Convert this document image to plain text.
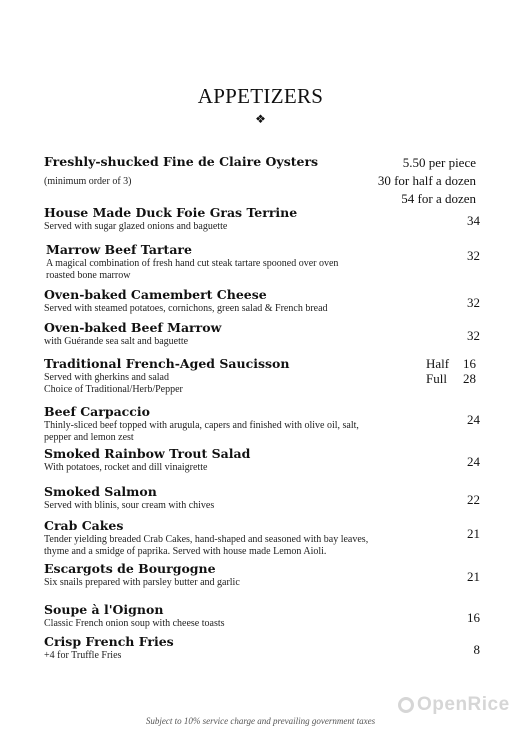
APPETIZERS
❖
Freshly-shucked Fine de Claire Oysters
(minimum order of 3)
5.50 per piece
30 for half a dozen
54 for a dozen
House Made Duck Foie Gras Terrine
Served with sugar glazed onions and baguette	34
Marrow Beef Tartare
A magical combination of fresh hand cut steak tartare spooned over oven roasted bone marrow
32
Oven-baked Camembert Cheese
Served with steamed potatoes, cornichons, green salad & French bread	32
Oven-baked Beef Marrow
with Guérande sea salt and baguette	32
Traditional French-Aged Saucisson
Served with gherkins and salad
Choice of Traditional/Herb/Pepper
Half 16
Full 28
Beef Carpaccio
Thinly-sliced beef topped with arugula, capers and finished with olive oil, salt, pepper and lemon zest
24
Smoked Rainbow Trout Salad
With potatoes, rocket and dill vinaigrette	24
Smoked Salmon
Served with blinis, sour cream with chives	22
Crab Cakes
Tender yielding breaded Crab Cakes, hand-shaped and seasoned with bay leaves, thyme and a smidge of paprika. Served with house made Lemon Aioli.
21
Escargots de Bourgogne
Six snails prepared with parsley butter and garlic	21
Soupe à l'Oignon
Classic French onion soup with cheese toasts	16
Crisp French Fries
+4 for Truffle Fries	8
OpenRice
Subject to 10% service charge and prevailing government taxes
